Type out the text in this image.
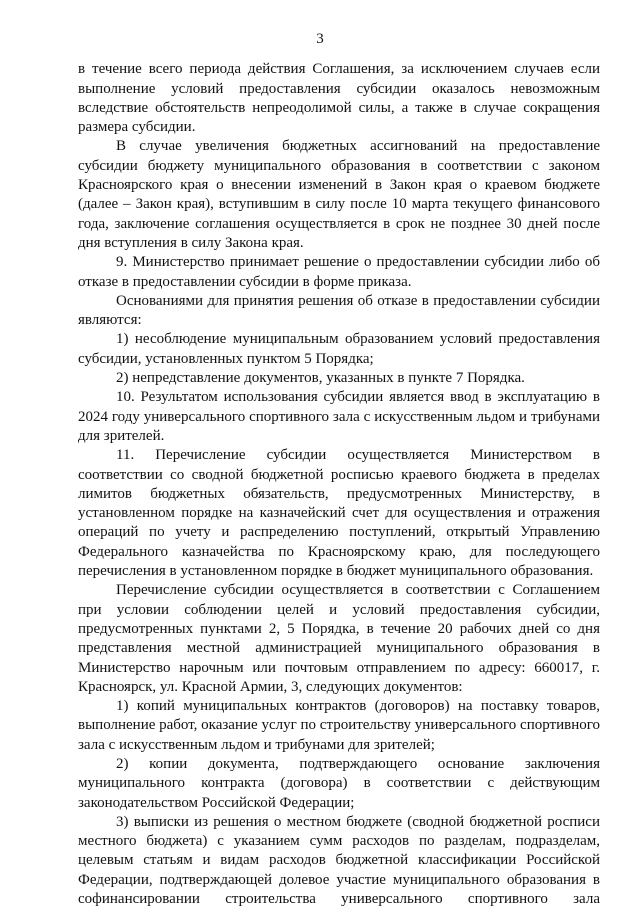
3

в течение всего периода действия Соглашения, за исключением случаев если выполнение условий предоставления субсидии оказалось невозможным вследствие обстоятельств непреодолимой силы, а также в случае сокращения размера субсидии.

В случае увеличения бюджетных ассигнований на предоставление субсидии бюджету муниципального образования в соответствии с законом Красноярского края о внесении изменений в Закон края о краевом бюджете (далее – Закон края), вступившим в силу после 10 марта текущего финансового года, заключение соглашения осуществляется в срок не позднее 30 дней после дня вступления в силу Закона края.

9. Министерство принимает решение о предоставлении субсидии либо об отказе в предоставлении субсидии в форме приказа.

Основаниями для принятия решения об отказе в предоставлении субсидии являются:

1) несоблюдение муниципальным образованием условий предоставления субсидии, установленных пунктом 5 Порядка;

2) непредставление документов, указанных в пункте 7 Порядка.

10. Результатом использования субсидии является ввод в эксплуатацию в 2024 году универсального спортивного зала с искусственным льдом и трибунами для зрителей.

11. Перечисление субсидии осуществляется Министерством в соответствии со сводной бюджетной росписью краевого бюджета в пределах лимитов бюджетных обязательств, предусмотренных Министерству, в установленном порядке на казначейский счет для осуществления и отражения операций по учету и распределению поступлений, открытый Управлению Федерального казначейства по Красноярскому краю, для последующего перечисления в установленном порядке в бюджет муниципального образования.

Перечисление субсидии осуществляется в соответствии с Соглашением при условии соблюдении целей и условий предоставления субсидии, предусмотренных пунктами 2, 5 Порядка, в течение 20 рабочих дней со дня представления местной администрацией муниципального образования в Министерство нарочным или почтовым отправлением по адресу: 660017, г. Красноярск, ул. Красной Армии, 3, следующих документов:

1) копий муниципальных контрактов (договоров) на поставку товаров, выполнение работ, оказание услуг по строительству универсального спортивного зала с искусственным льдом и трибунами для зрителей;

2) копии документа, подтверждающего основание заключения муниципального контракта (договора) в соответствии с действующим законодательством Российской Федерации;

3) выписки из решения о местном бюджете (сводной бюджетной росписи местного бюджета) с указанием сумм расходов по разделам, подразделам, целевым статьям и видам расходов бюджетной классификации Российской Федерации, подтверждающей долевое участие муниципального образования в софинансировании строительства универсального спортивного зала
